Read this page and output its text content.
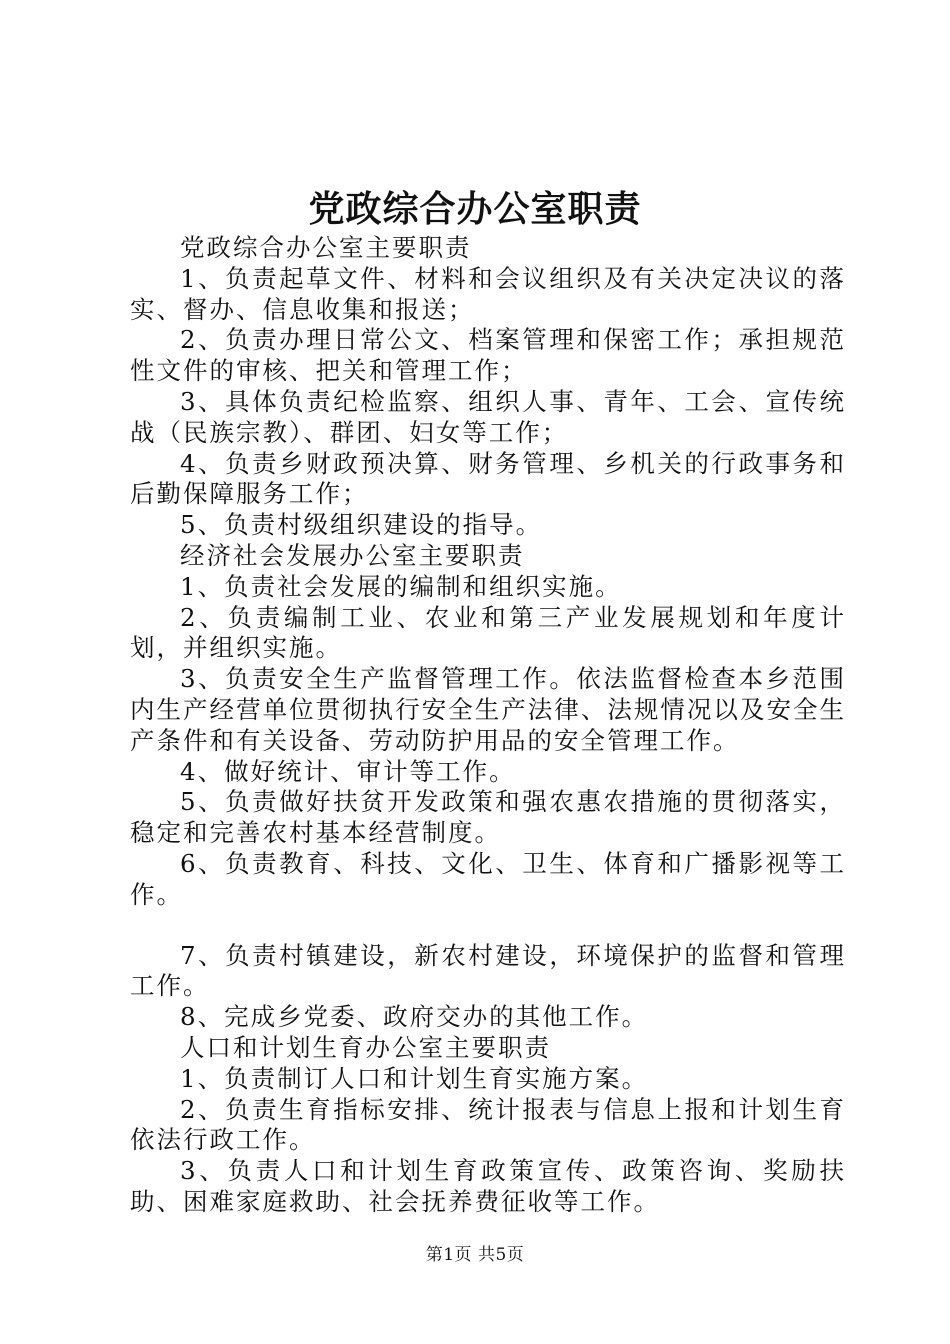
党政综合办公室职责

党政综合办公室主要职责

1、负责起草文件、材料和会议组织及有关决定决议的落实、督办、信息收集和报送；

2、负责办理日常公文、档案管理和保密工作；承担规范性文件的审核、把关和管理工作；

3、具体负责纪检监察、组织人事、青年、工会、宣传统战（民族宗教）、群团、妇女等工作；

4、负责乡财政预决算、财务管理、乡机关的行政事务和后勤保障服务工作；

5、负责村级组织建设的指导。

经济社会发展办公室主要职责

1、负责社会发展的编制和组织实施。

2、负责编制工业、农业和第三产业发展规划和年度计划，并组织实施。

3、负责安全生产监督管理工作。依法监督检查本乡范围内生产经营单位贯彻执行安全生产法律、法规情况以及安全生产条件和有关设备、劳动防护用品的安全管理工作。

4、做好统计、审计等工作。

5、负责做好扶贫开发政策和强农惠农措施的贯彻落实，稳定和完善农村基本经营制度。

6、负责教育、科技、文化、卫生、体育和广播影视等工作。

7、负责村镇建设，新农村建设，环境保护的监督和管理工作。

8、完成乡党委、政府交办的其他工作。

人口和计划生育办公室主要职责

1、负责制订人口和计划生育实施方案。

2、负责生育指标安排、统计报表与信息上报和计划生育依法行政工作。

3、负责人口和计划生育政策宣传、政策咨询、奖励扶助、困难家庭救助、社会抚养费征收等工作。

第1页 共5页
